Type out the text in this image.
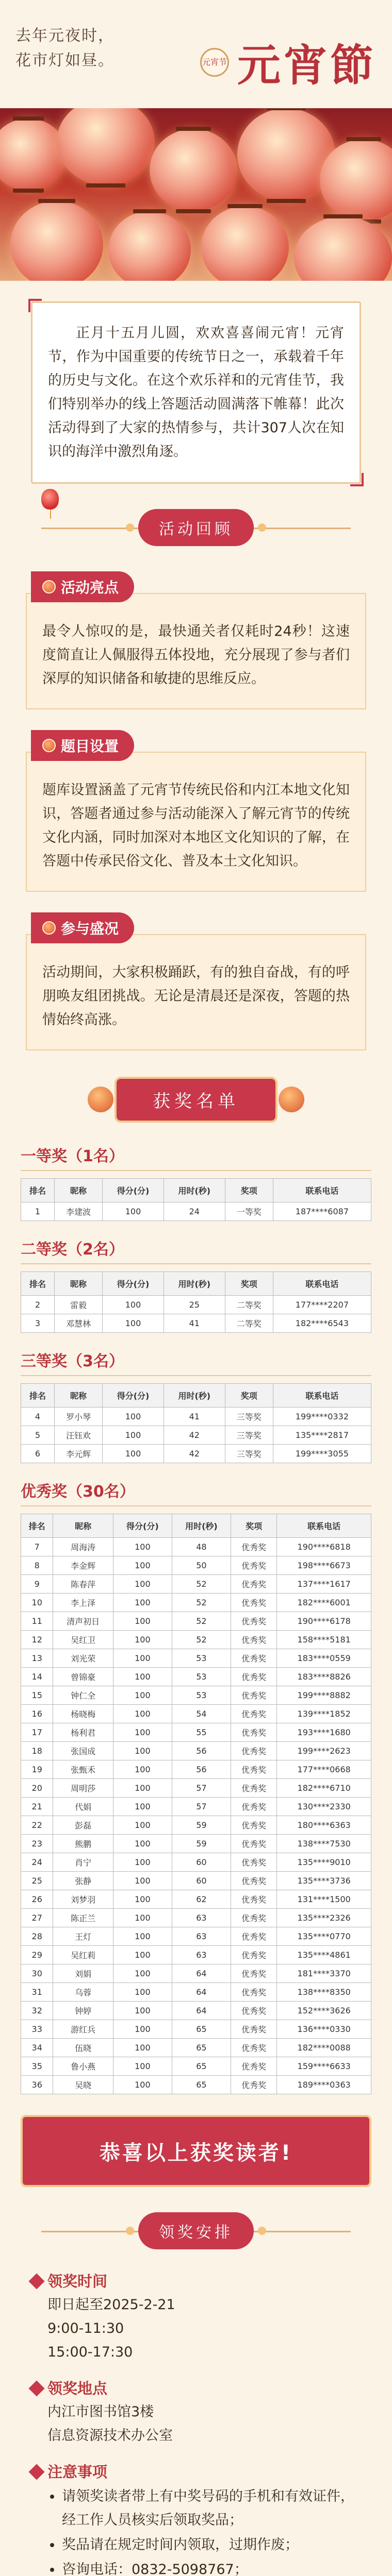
去年元夜时，
花市灯如昼。	元宵节 元宵節

正月十五月儿圆，欢欢喜喜闹元宵！元宵节，作为中国重要的传统节日之一，承载着千年的历史与文化。在这个欢乐祥和的元宵佳节，我们特别举办的线上答题活动圆满落下帷幕！此次活动得到了大家的热情参与，共计307人次在知识的海洋中激烈角逐。

活动回顾
活动亮点

最令人惊叹的是，最快通关者仅耗时24秒！这速度简直让人佩服得五体投地，充分展现了参与者们深厚的知识储备和敏捷的思维反应。

题目设置

题库设置涵盖了元宵节传统民俗和内江本地文化知识，答题者通过参与活动能深入了解元宵节的传统文化内涵，同时加深对本地区文化知识的了解，在答题中传承民俗文化、普及本土文化知识。

参与盛况

活动期间，大家积极踊跃，有的独自奋战，有的呼朋唤友组团挑战。无论是清晨还是深夜，答题的热情始终高涨。

获奖名单
一等奖（1名）
排名	昵称	得分(分)	用时(秒)	奖项	联系电话
1	李建波	100	24	一等奖	187****6087
二等奖（2名）
排名	昵称	得分(分)	用时(秒)	奖项	联系电话
2	雷毅	100	25	二等奖	177****2207
3	邓慧林	100	41	二等奖	182****6543
三等奖（3名）
排名	昵称	得分(分)	用时(秒)	奖项	联系电话
4	罗小琴	100	41	三等奖	199****0332
5	汪钰欢	100	42	三等奖	135****2817
6	李元辉	100	42	三等奖	199****3055
优秀奖（30名）
排名	昵称	得分(分)	用时(秒)	奖项	联系电话
7	周海涛	100	48	优秀奖	190****6818
8	李金辉	100	50	优秀奖	198****6673
9	陈春萍	100	52	优秀奖	137****1617
10	李上泽	100	52	优秀奖	182****6001
11	清声初日	100	52	优秀奖	190****6178
12	吴红卫	100	52	优秀奖	158****5181
13	刘光荣	100	53	优秀奖	183****0559
14	曾锦豪	100	53	优秀奖	183****8826
15	钟仁全	100	53	优秀奖	199****8882
16	杨晓梅	100	54	优秀奖	139****1852
17	杨利君	100	55	优秀奖	193****1680
18	张国成	100	56	优秀奖	199****2623
19	张甄禾	100	56	优秀奖	177****0668
20	周明莎	100	57	优秀奖	182****6710
21	代娟	100	57	优秀奖	130****2330
22	彭磊	100	59	优秀奖	180****6363
23	熊鹏	100	59	优秀奖	138****7530
24	肖宁	100	60	优秀奖	135****9010
25	张静	100	60	优秀奖	135****3736
26	刘梦羽	100	62	优秀奖	131****1500
27	陈正兰	100	63	优秀奖	135****2326
28	王灯	100	63	优秀奖	135****0770
29	吴红莉	100	63	优秀奖	135****4861
30	刘娟	100	64	优秀奖	181****3370
31	乌蓉	100	64	优秀奖	138****8350
32	钟婷	100	64	优秀奖	152****3626
33	游红兵	100	65	优秀奖	136****0330
34	伍晓	100	65	优秀奖	182****0088
35	鲁小燕	100	65	优秀奖	159****6633
36	吴晓	100	65	优秀奖	189****0363
恭喜以上获奖读者!
领奖安排
领奖时间
即日起至2025-2-21
9:00-11:30
15:00-17:30
领奖地点
内江市图书馆3楼
信息资源技术办公室
注意事项
• 请领奖读者带上有中奖号码的手机和有效证件，经工作人员核实后领取奖品；
• 奖品请在规定时间内领取，过期作废；
• 咨询电话：0832-5098767；
